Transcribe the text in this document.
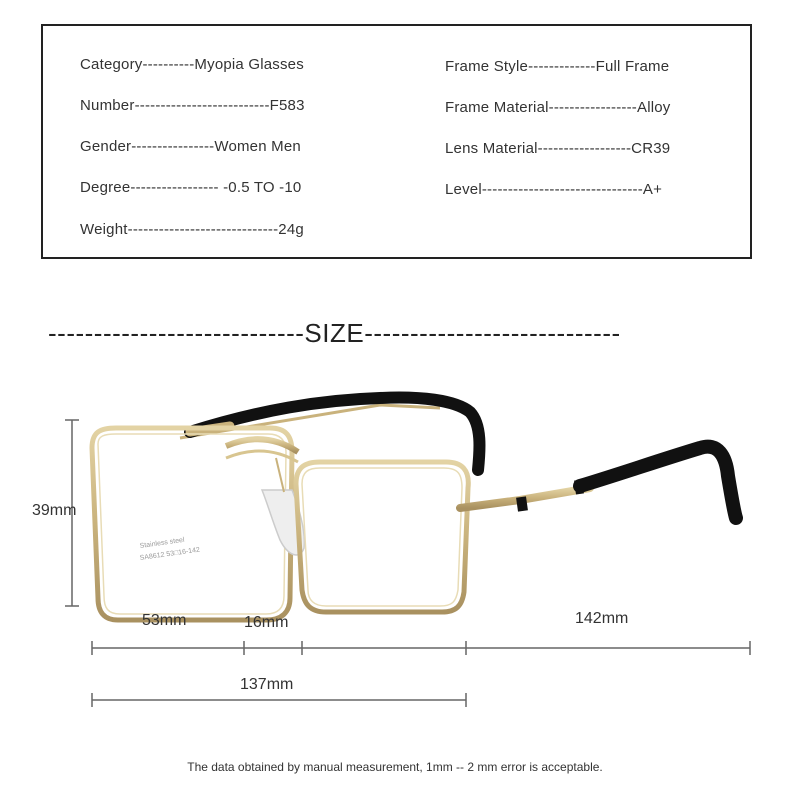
Category----------Myopia Glasses
Number--------------------------F583
Gender----------------Women Men
Degree----------------- -0.5 TO -10
Weight-----------------------------24g
Frame Style-------------Full Frame
Frame Material-----------------Alloy
Lens Material------------------CR39
Level-------------------------------A+
----------------------------SIZE----------------------------
Stainless steel
SA8612 53□16-142
39mm
53mm	16mm	142mm
137mm
The data obtained by manual measurement, 1mm -- 2 mm error is acceptable.
